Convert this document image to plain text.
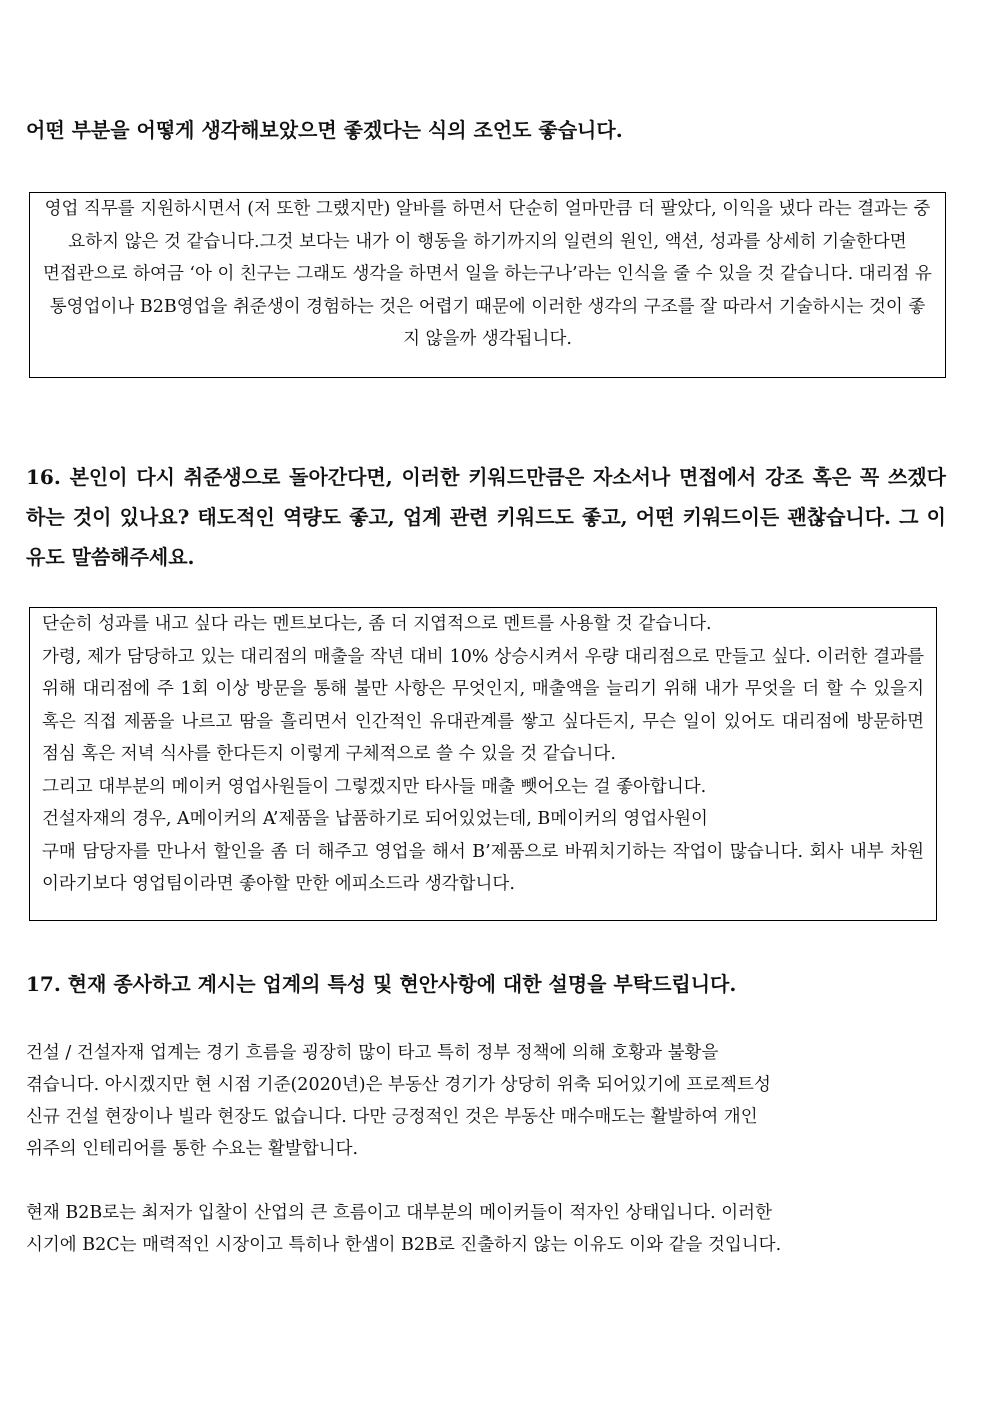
어떤 부분을 어떻게 생각해보았으면 좋겠다는 식의 조언도 좋습니다.

영업 직무를 지원하시면서 (저 또한 그랬지만) 알바를 하면서 단순히 얼마만큼 더 팔았다, 이익을 냈다 라는 결과는 중요하지 않은 것 같습니다.그것 보다는 내가 이 행동을 하기까지의 일련의 원인, 액션, 성과를 상세히 기술한다면

면접관으로 하여금 ‘아 이 친구는 그래도 생각을 하면서 일을 하는구나’라는 인식을 줄 수 있을 것 같습니다. 대리점 유통영업이나 B2B영업을 취준생이 경험하는 것은 어렵기 때문에 이러한 생각의 구조를 잘 따라서 기술하시는 것이 좋지 않을까 생각됩니다.

16. 본인이 다시 취준생으로 돌아간다면, 이러한 키워드만큼은 자소서나 면접에서 강조 혹은 꼭 쓰겠다 하는 것이 있나요? 태도적인 역량도 좋고, 업계 관련 키워드도 좋고, 어떤 키워드이든 괜찮습니다. 그 이유도 말씀해주세요.

단순히 성과를 내고 싶다 라는 멘트보다는, 좀 더 지엽적으로 멘트를 사용할 것 같습니다.

가령, 제가 담당하고 있는 대리점의 매출을 작년 대비 10% 상승시켜서 우량 대리점으로 만들고 싶다. 이러한 결과를 위해 대리점에 주 1회 이상 방문을 통해 불만 사항은 무엇인지, 매출액을 늘리기 위해 내가 무엇을 더 할 수 있을지 혹은 직접 제품을 나르고 땀을 흘리면서 인간적인 유대관계를 쌓고 싶다든지, 무슨 일이 있어도 대리점에 방문하면 점심 혹은 저녁 식사를 한다든지 이렇게 구체적으로 쓸 수 있을 것 같습니다.

그리고 대부분의 메이커 영업사원들이 그렇겠지만 타사들 매출 뺏어오는 걸 좋아합니다.

건설자재의 경우, A메이커의 A’제품을 납품하기로 되어있었는데, B메이커의 영업사원이

구매 담당자를 만나서 할인을 좀 더 해주고 영업을 해서 B’제품으로 바꿔치기하는 작업이 많습니다. 회사 내부 차원이라기보다 영업팀이라면 좋아할 만한 에피소드라 생각합니다.

17. 현재 종사하고 계시는 업계의 특성 및 현안사항에 대한 설명을 부탁드립니다.

건설 / 건설자재 업계는 경기 흐름을 굉장히 많이 타고 특히 정부 정책에 의해 호황과 불황을
겪습니다. 아시겠지만 현 시점 기준(2020년)은 부동산 경기가 상당히 위축 되어있기에 프로젝트성
신규 건설 현장이나 빌라 현장도 없습니다. 다만 긍정적인 것은 부동산 매수매도는 활발하여 개인
위주의 인테리어를 통한 수요는 활발합니다.
현재 B2B로는 최저가 입찰이 산업의 큰 흐름이고 대부분의 메이커들이 적자인 상태입니다. 이러한
시기에 B2C는 매력적인 시장이고 특히나 한샘이 B2B로 진출하지 않는 이유도 이와 같을 것입니다.
